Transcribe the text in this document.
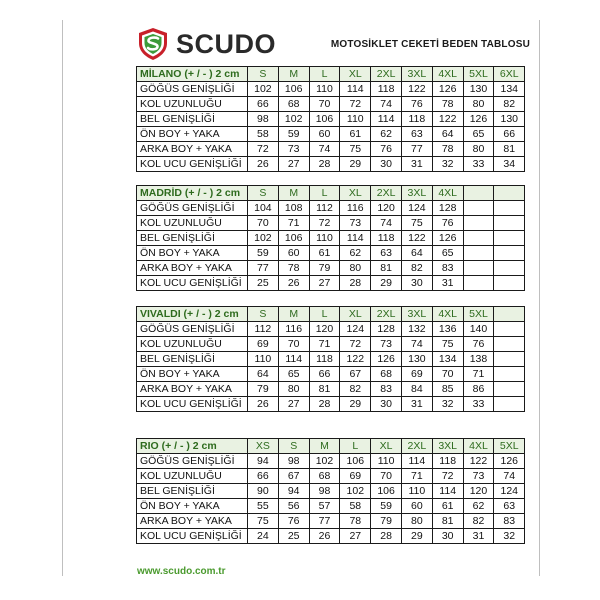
SCUDO	MOTOSİKLET CEKETİ BEDEN TABLOSU
MİLANO (+ / - ) 2 cm	S	M	L	XL	2XL	3XL	4XL	5XL	6XL
GÖĞÜS GENİŞLİĞİ	102	106	110	114	118	122	126	130	134
KOL UZUNLUĞU	66	68	70	72	74	76	78	80	82
BEL GENİŞLİĞİ	98	102	106	110	114	118	122	126	130
ÖN BOY + YAKA	58	59	60	61	62	63	64	65	66
ARKA BOY + YAKA	72	73	74	75	76	77	78	80	81
KOL UCU GENİŞLİĞİ	26	27	28	29	30	31	32	33	34
MADRİD (+ / - ) 2 cm	S	M	L	XL	2XL	3XL	4XL		
GÖĞÜS GENİŞLİĞİ	104	108	112	116	120	124	128		
KOL UZUNLUĞU	70	71	72	73	74	75	76		
BEL GENİŞLİĞİ	102	106	110	114	118	122	126		
ÖN BOY + YAKA	59	60	61	62	63	64	65		
ARKA BOY + YAKA	77	78	79	80	81	82	83		
KOL UCU GENİŞLİĞİ	25	26	27	28	29	30	31		
VIVALDI (+ / - ) 2 cm	S	M	L	XL	2XL	3XL	4XL	5XL	
GÖĞÜS GENİŞLİĞİ	112	116	120	124	128	132	136	140	
KOL UZUNLUĞU	69	70	71	72	73	74	75	76	
BEL GENİŞLİĞİ	110	114	118	122	126	130	134	138	
ÖN BOY + YAKA	64	65	66	67	68	69	70	71	
ARKA BOY + YAKA	79	80	81	82	83	84	85	86	
KOL UCU GENİŞLİĞİ	26	27	28	29	30	31	32	33	
RIO (+ / - ) 2 cm	XS	S	M	L	XL	2XL	3XL	4XL	5XL
GÖĞÜS GENİŞLİĞİ	94	98	102	106	110	114	118	122	126
KOL UZUNLUĞU	66	67	68	69	70	71	72	73	74
BEL GENİŞLİĞİ	90	94	98	102	106	110	114	120	124
ÖN BOY + YAKA	55	56	57	58	59	60	61	62	63
ARKA BOY + YAKA	75	76	77	78	79	80	81	82	83
KOL UCU GENİŞLİĞİ	24	25	26	27	28	29	30	31	32
www.scudo.com.tr
